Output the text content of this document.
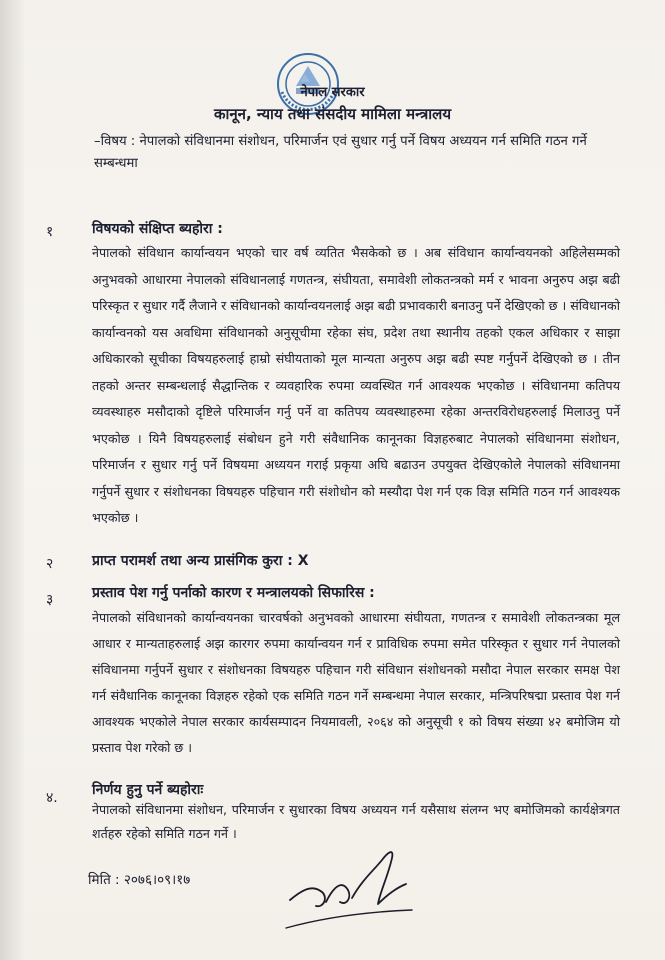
नेपाल सरकार
कानून, न्याय तथा संसदीय मामिला मन्त्रालय
–विषय : नेपालको संविधानमा संशोधन, परिमार्जन एवं सुधार गर्नु पर्ने विषय अध्ययन गर्न समिति गठन गर्ने सम्बन्धमा
१	विषयको संक्षिप्त ब्यहोरा :
नेपालको संविधान कार्यान्वयन भएको चार वर्ष व्यतित भैसकेको छ । अब संविधान कार्यान्वयनको अहिलेसम्मको अनुभवको आधारमा नेपालको संविधानलाई गणतन्त्र, संघीयता, समावेशी लोकतन्त्रको मर्म र भावना अनुरुप अझ बढी परिस्कृत र सुधार गर्दै लैजाने र संविधानको कार्यान्वयनलाई अझ बढी प्रभावकारी बनाउनु पर्ने देखिएको छ । संविधानको कार्यान्वनको यस अवधिमा संविधानको अनुसूचीमा रहेका संघ, प्रदेश तथा स्थानीय तहको एकल अधिकार र साझा अधिकारको सूचीका विषयहरुलाई हाम्रो संघीयताको मूल मान्यता अनुरुप अझ बढी स्पष्ट गर्नुपर्ने देखिएको छ । तीन तहको अन्तर सम्बन्धलाई सैद्धान्तिक र व्यवहारिक रुपमा व्यवस्थित गर्न आवश्यक भएकोछ । संविधानमा कतिपय व्यवस्थाहरु मसौदाको दृष्टिले परिमार्जन गर्नु पर्ने वा कतिपय व्यवस्थाहरुमा रहेका अन्तरविरोधहरुलाई मिलाउनु पर्ने भएकोछ । यिनै विषयहरुलाई संबोधन हुने गरी संवैधानिक कानूनका विज्ञहरुबाट नेपालको संविधानमा संशोधन, परिमार्जन र सुधार गर्नु पर्ने विषयमा अध्ययन गराई प्रकृया अघि बढाउन उपयुक्त देखिएकोले नेपालको संविधानमा गर्नुपर्ने सुधार र संशोधनका विषयहरु पहिचान गरी संशोधोन को मस्यौदा पेश गर्न एक विज्ञ समिति गठन गर्न आवश्यक भएकोछ ।
२	प्राप्त परामर्श तथा अन्य प्रासंगिक कुरा : X
३	प्रस्ताव पेश गर्नु पर्नाको कारण र मन्त्रालयको सिफारिस :
नेपालको संविधानको कार्यान्वयनका चारवर्षको अनुभवको आधारमा संघीयता, गणतन्त्र र समावेशी लोकतन्त्रका मूल आधार र मान्यताहरुलाई अझ कारगर रुपमा कार्यान्वयन गर्न र प्राविधिक रुपमा समेत परिस्कृत र सुधार गर्न नेपालको संविधानमा गर्नुपर्ने सुधार र संशोधनका विषयहरु पहिचान गरी संविधान संशोधनको मसौदा नेपाल सरकार समक्ष पेश गर्न संवैधानिक कानूनका विज्ञहरु रहेको एक समिति गठन गर्ने सम्बन्धमा नेपाल सरकार, मन्त्रिपरिषद्मा प्रस्ताव पेश गर्न आवश्यक भएकोले नेपाल सरकार कार्यसम्पादन नियमावली, २०६४ को अनुसूची १ को विषय संख्या ४२ बमोजिम यो प्रस्ताव पेश गरेको छ ।
४. निर्णय हुनु पर्ने ब्यहोराः
नेपालको संविधानमा संशोधन, परिमार्जन र सुधारका विषय अध्ययन गर्न यसैसाथ संलग्न भए बमोजिमको कार्यक्षेत्रगत शर्तहरु रहेको समिति गठन गर्ने ।
मिति : २०७६।०९।१७
